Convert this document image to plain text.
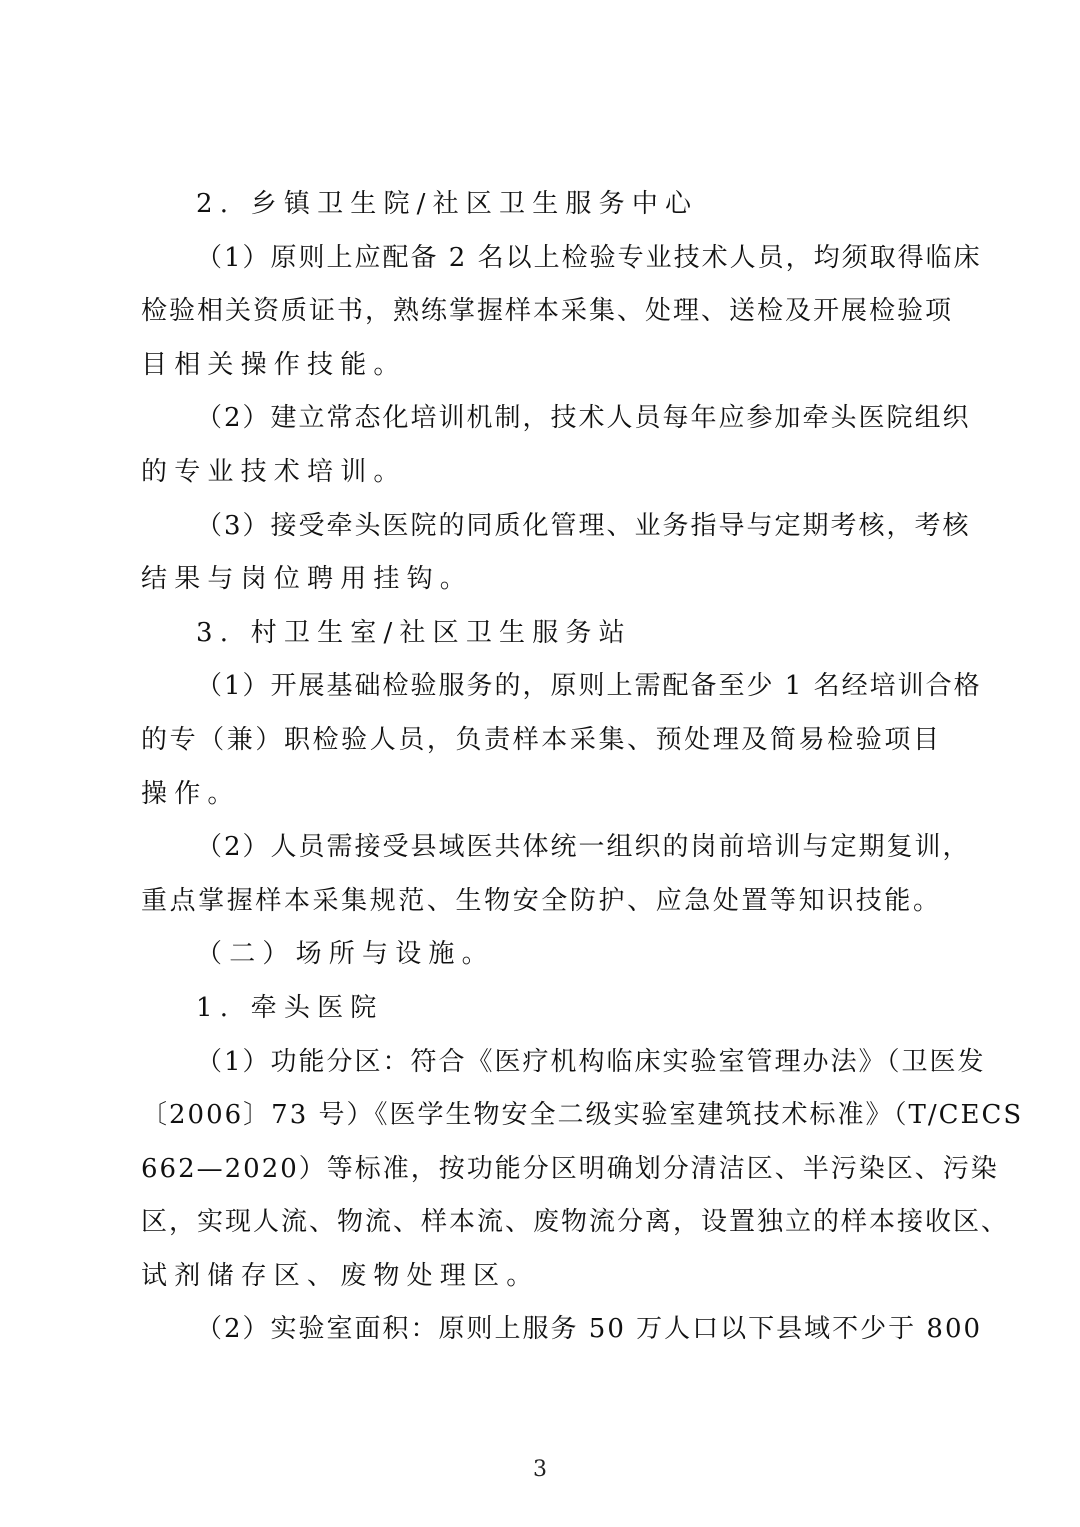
2. 乡镇卫生院/社区卫生服务中心
（1）原则上应配备 2 名以上检验专业技术人员，均须取得临床
检验相关资质证书，熟练掌握样本采集、处理、送检及开展检验项
目相关操作技能。
（2）建立常态化培训机制，技术人员每年应参加牵头医院组织
的专业技术培训。
（3）接受牵头医院的同质化管理、业务指导与定期考核，考核
结果与岗位聘用挂钩。
3. 村卫生室/社区卫生服务站
（1）开展基础检验服务的，原则上需配备至少 1 名经培训合格
的专（兼）职检验人员，负责样本采集、预处理及简易检验项目
操作。
（2）人员需接受县域医共体统一组织的岗前培训与定期复训，
重点掌握样本采集规范、生物安全防护、应急处置等知识技能。
（二）场所与设施。
1. 牵头医院
（1）功能分区：符合《医疗机构临床实验室管理办法》（卫医发
〔2006〕73 号）《医学生物安全二级实验室建筑技术标准》（T/CECS
662—2020）等标准，按功能分区明确划分清洁区、半污染区、污染
区，实现人流、物流、样本流、废物流分离，设置独立的样本接收区、
试剂储存区、废物处理区。
（2）实验室面积：原则上服务 50 万人口以下县域不少于 800
3
